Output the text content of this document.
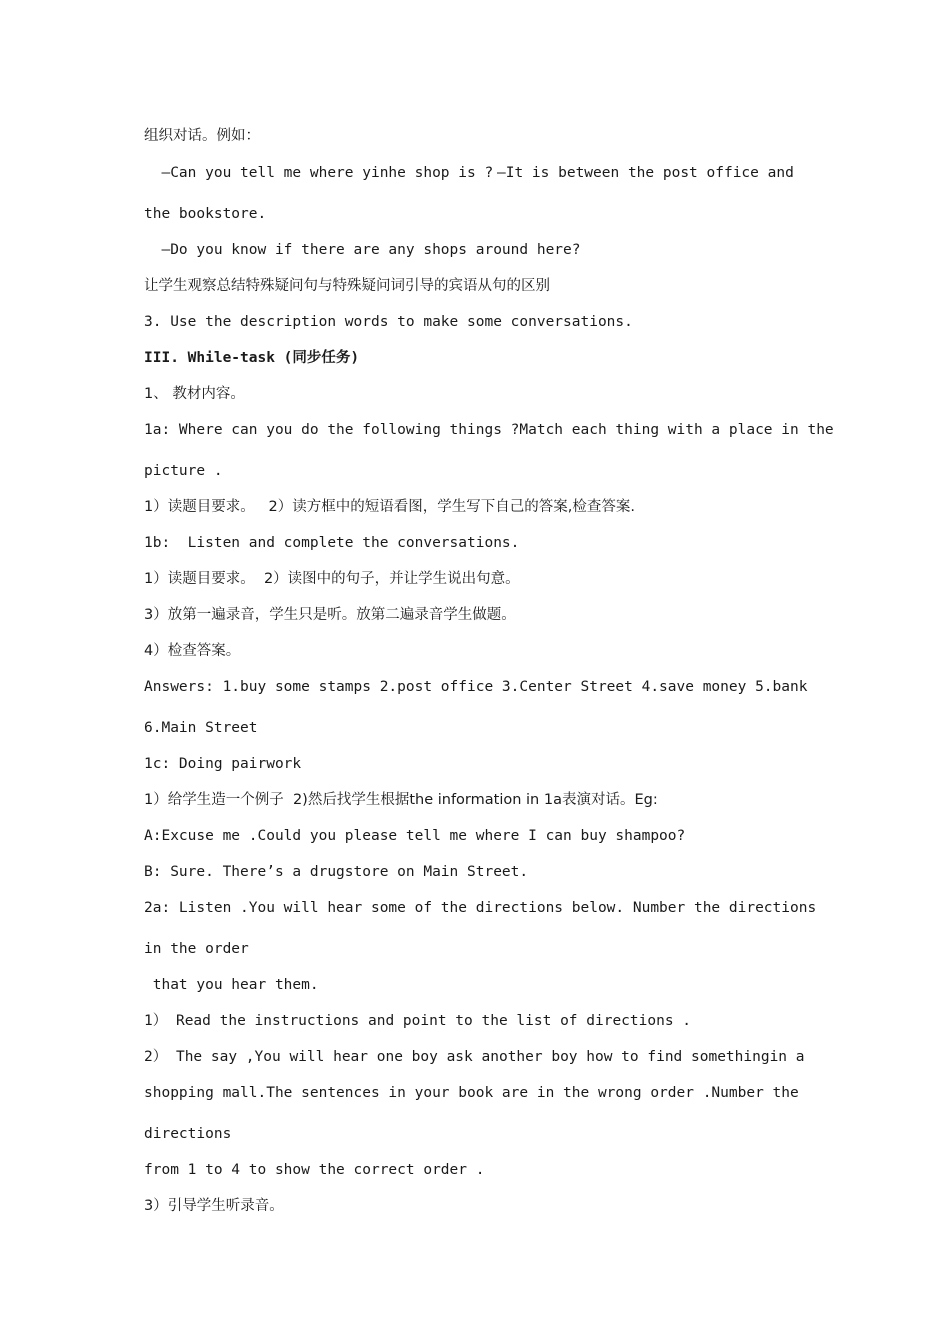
组织对话。例如：
—Can you tell me where yinhe shop is ? —It is between the post office and
the bookstore.
—Do you know if there are any shops around here?
让学生观察总结特殊疑问句与特殊疑问词引导的宾语从句的区别
3. Use the description words to make some conversations.
III. While-task (同步任务)
1、 教材内容。
1a: Where can you do the following things ?Match each thing with a place in the
picture .
1）读题目要求。   2）读方框中的短语看图，学生写下自己的答案,检查答案.
1b:  Listen and complete the conversations.
1）读题目要求。  2）读图中的句子，并让学生说出句意。
3）放第一遍录音，学生只是听。放第二遍录音学生做题。
4）检查答案。
Answers: 1.buy some stamps 2.post office 3.Center Street 4.save money 5.bank
6.Main Street
1c: Doing pairwork
1）给学生造一个例子  2)然后找学生根据the information in 1a表演对话。Eg:
A:Excuse me .Could you please tell me where I can buy shampoo?
B: Sure. There’s a drugstore on Main Street.
2a: Listen .You will hear some of the directions below. Number the directions
in the order
that you hear them.
1） Read the instructions and point to the list of directions .
2） The say ,You will hear one boy ask another boy how to find somethingin a
shopping mall.The sentences in your book are in the wrong order .Number the
directions
from 1 to 4 to show the correct order .
3）引导学生听录音。
